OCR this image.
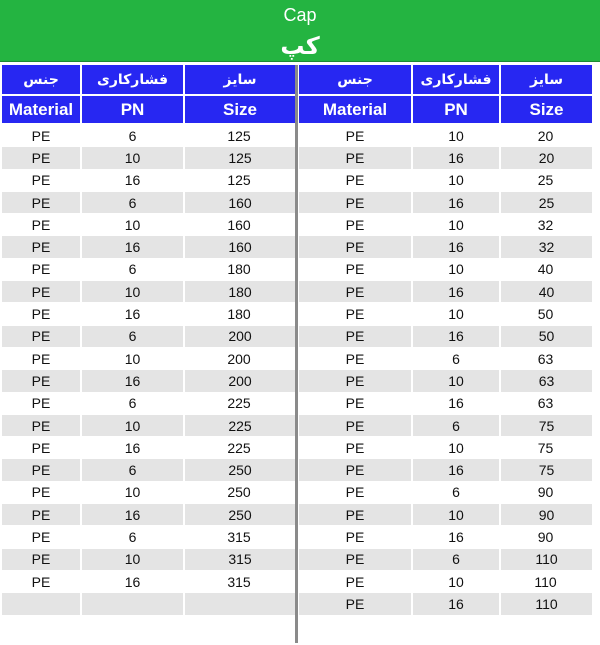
Cap
کپ
جنس	فشارکاری	سایز
Material	PN	Size
PE	6	125
PE	10	125
PE	16	125
PE	6	160
PE	10	160
PE	16	160
PE	6	180
PE	10	180
PE	16	180
PE	6	200
PE	10	200
PE	16	200
PE	6	225
PE	10	225
PE	16	225
PE	6	250
PE	10	250
PE	16	250
PE	6	315
PE	10	315
PE	16	315
جنس	فشارکاری	سایز
Material	PN	Size
PE	10	20
PE	16	20
PE	10	25
PE	16	25
PE	10	32
PE	16	32
PE	10	40
PE	16	40
PE	10	50
PE	16	50
PE	6	63
PE	10	63
PE	16	63
PE	6	75
PE	10	75
PE	16	75
PE	6	90
PE	10	90
PE	16	90
PE	6	110
PE	10	110
PE	16	110
